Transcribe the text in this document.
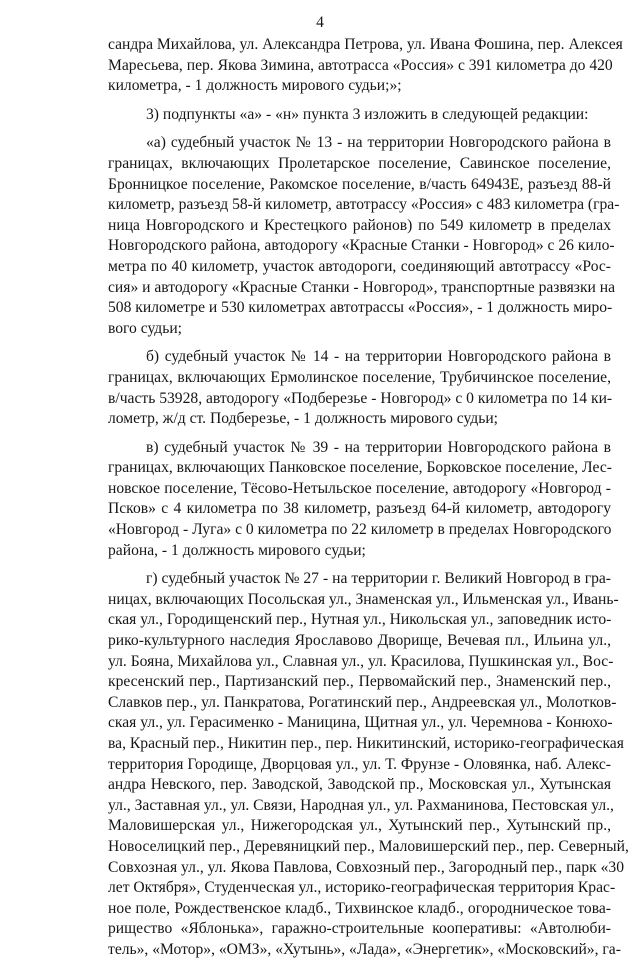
4
сандра Михайлова, ул. Александра Петрова, ул. Ивана Фошина, пер. Алексея
Маресьева, пер. Якова Зимина, автотрасса «Россия» с 391 километра до 420
километра, - 1 должность мирового судьи;»;
3) подпункты «а» - «н» пункта 3 изложить в следующей редакции:
«а) судебный участок № 13 - на территории Новгородского района в
границах, включающих Пролетарское поселение, Савинское поселение,
Бронницкое поселение, Ракомское поселение, в/часть 64943Е, разъезд 88-й
километр, разъезд 58-й километр, автотрассу «Россия» с 483 километра (гра-
ница Новгородского и Крестецкого районов) по 549 километр в пределах
Новгородского района, автодорогу «Красные Станки - Новгород» с 26 кило-
метра по 40 километр, участок автодороги, соединяющий автотрассу «Рос-
сия» и автодорогу «Красные Станки - Новгород», транспортные развязки на
508 километре и 530 километрах автотрассы «Россия», - 1 должность миро-
вого судьи;
б) судебный участок № 14 - на территории Новгородского района в
границах, включающих Ермолинское поселение, Трубичинское поселение,
в/часть 53928, автодорогу «Подберезье - Новгород» с 0 километра по 14 ки-
лометр, ж/д ст. Подберезье, - 1 должность мирового судьи;
в) судебный участок № 39 - на территории Новгородского района в
границах, включающих Панковское поселение, Борковское поселение, Лес-
новское поселение, Тёсово-Нетыльское поселение, автодорогу «Новгород -
Псков» с 4 километра по 38 километр, разъезд 64-й километр, автодорогу
«Новгород - Луга» с 0 километра по 22 километр в пределах Новгородского
района, - 1 должность мирового судьи;
г) судебный участок № 27 - на территории г. Великий Новгород в гра-
ницах, включающих Посольская ул., Знаменская ул., Ильменская ул., Ивань-
ская ул., Городищенский пер., Нутная ул., Никольская ул., заповедник исто-
рико-культурного наследия Ярославово Дворище, Вечевая пл., Ильина ул.,
ул. Бояна, Михайлова ул., Славная ул., ул. Красилова, Пушкинская ул., Вос-
кресенский пер., Партизанский пер., Первомайский пер., Знаменский пер.,
Славков пер., ул. Панкратова, Рогатинский пер., Андреевская ул., Молотков-
ская ул., ул. Герасименко - Маницина, Щитная ул., ул. Черемнова - Конюхо-
ва, Красный пер., Никитин пер., пер. Никитинский, историко-географическая
территория Городище, Дворцовая ул., ул. Т. Фрунзе - Оловянка, наб. Алекс-
андра Невского, пер. Заводской, Заводской пр., Московская ул., Хутынская
ул., Заставная ул., ул. Связи, Народная ул., ул. Рахманинова, Пестовская ул.,
Маловишерская ул., Нижегородская ул., Хутынский пер., Хутынский пр.,
Новоселицкий пер., Деревяницкий пер., Маловишерский пер., пер. Северный,
Совхозная ул., ул. Якова Павлова, Совхозный пер., Загородный пер., парк «30
лет Октября», Студенческая ул., историко-географическая территория Крас-
ное поле, Рождественское кладб., Тихвинское кладб., огородническое това-
рищество «Яблонька», гаражно-строительные кооперативы: «Автолюби-
тель», «Мотор», «ОМЗ», «Хутынь», «Лада», «Энергетик», «Московский», га-
